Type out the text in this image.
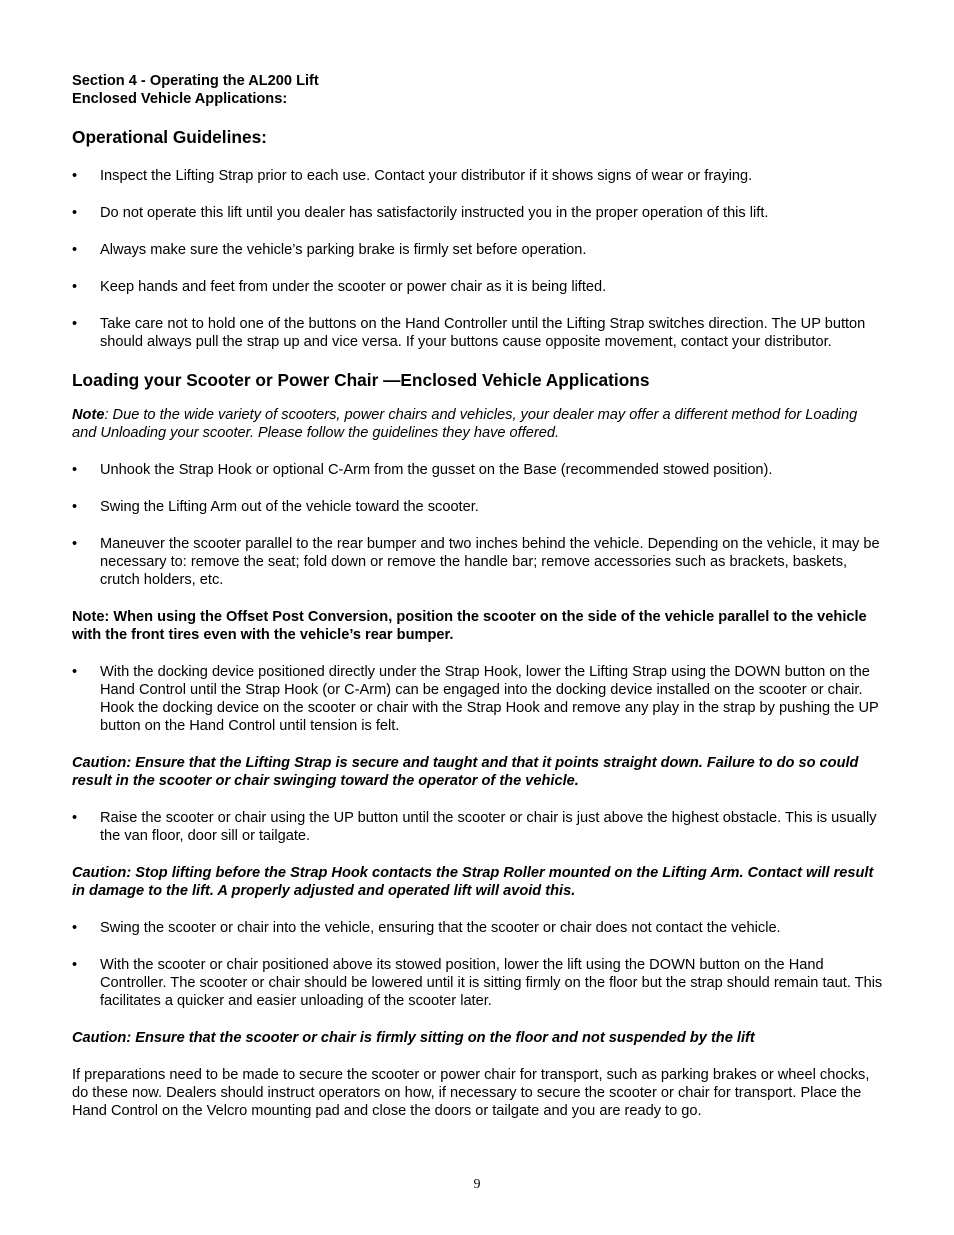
Section 4 - Operating the AL200 Lift
Enclosed Vehicle Applications:
Operational Guidelines:
•	Inspect the Lifting Strap prior to each use. Contact your distributor if it shows signs of wear or fraying.
•	Do not operate this lift until you dealer has satisfactorily instructed you in the proper operation of this lift.
•	Always make sure the vehicle’s parking brake is firmly set before operation.
•	Keep hands and feet from under the scooter or power chair as it is being lifted.
•	Take care not to hold one of the buttons on the Hand Controller until the Lifting Strap switches direction. The UP button should always pull the strap up and vice versa. If your buttons cause opposite movement, contact your distributor.
Loading your Scooter or Power Chair —Enclosed Vehicle Applications

Note: Due to the wide variety of scooters, power chairs and vehicles, your dealer may offer a different method for Loading and Unloading your scooter. Please follow the guidelines they have offered.

•	Unhook the Strap Hook or optional C-Arm from the gusset on the Base (recommended stowed position).
•	Swing the Lifting Arm out of the vehicle toward the scooter.
•	Maneuver the scooter parallel to the rear bumper and two inches behind the vehicle. Depending on the vehicle, it may be necessary to: remove the seat; fold down or remove the handle bar; remove accessories such as brackets, baskets, crutch holders, etc.

Note: When using the Offset Post Conversion, position the scooter on the side of the vehicle parallel to the vehicle with the front tires even with the vehicle’s rear bumper.

•	With the docking device positioned directly under the Strap Hook, lower the Lifting Strap using the DOWN button on the Hand Control until the Strap Hook (or C-Arm) can be engaged into the docking device installed on the scooter or chair. Hook the docking device on the scooter or chair with the Strap Hook and remove any play in the strap by pushing the UP button on the Hand Control until tension is felt.

Caution: Ensure that the Lifting Strap is secure and taught and that it points straight down. Failure to do so could result in the scooter or chair swinging toward the operator of the vehicle.

•	Raise the scooter or chair using the UP button until the scooter or chair is just above the highest obstacle. This is usually the van floor, door sill or tailgate.

Caution: Stop lifting before the Strap Hook contacts the Strap Roller mounted on the Lifting Arm. Contact will result in damage to the lift. A properly adjusted and operated lift will avoid this.

•	Swing the scooter or chair into the vehicle, ensuring that the scooter or chair does not contact the vehicle.
•	With the scooter or chair positioned above its stowed position, lower the lift using the DOWN button on the Hand Controller. The scooter or chair should be lowered until it is sitting firmly on the floor but the strap should remain taut. This facilitates a quicker and easier unloading of the scooter later.

Caution: Ensure that the scooter or chair is firmly sitting on the floor and not suspended by the lift

If preparations need to be made to secure the scooter or power chair for transport, such as parking brakes or wheel chocks, do these now. Dealers should instruct operators on how, if necessary to secure the scooter or chair for transport. Place the Hand Control on the Velcro mounting pad and close the doors or tailgate and you are ready to go.

9
